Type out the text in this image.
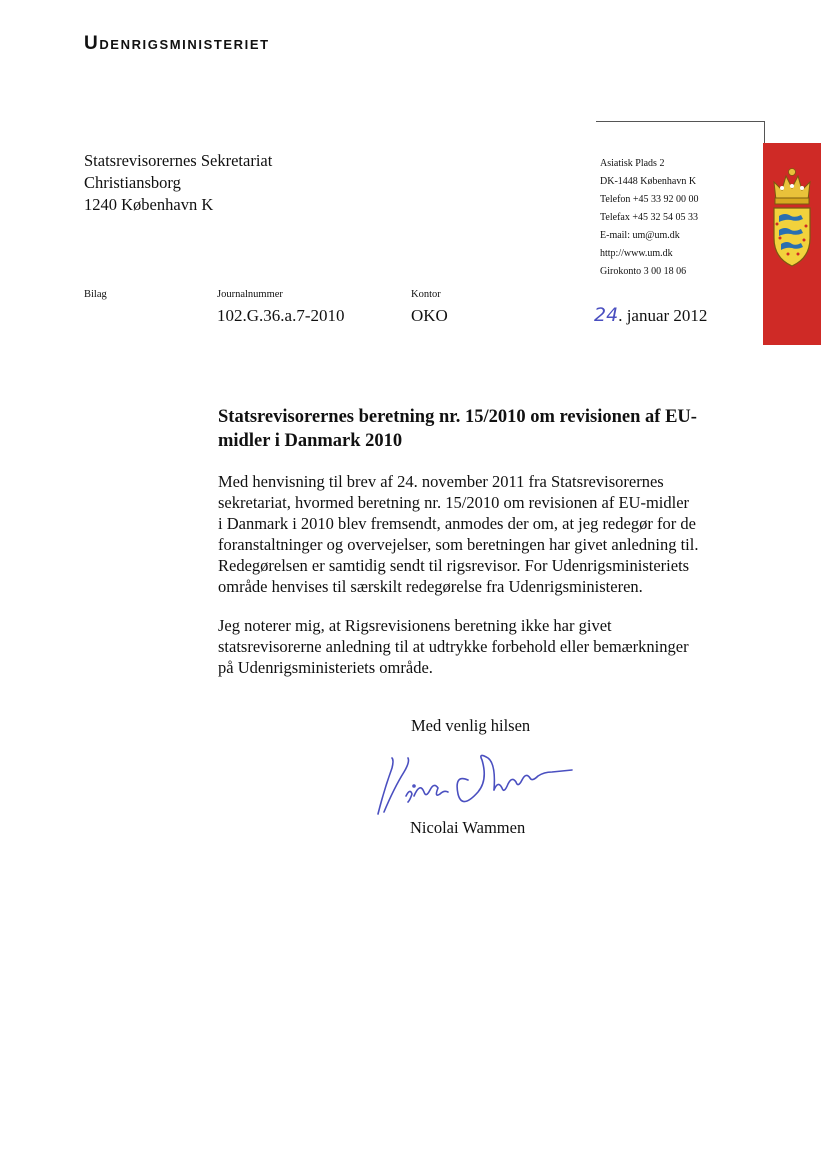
Udenrigsministeriet
Statsrevisorernes Sekretariat
Christiansborg
1240 København K
Asiatisk Plads 2
DK-1448 København K
Telefon +45 33 92 00 00
Telefax +45 32 54 05 33
E-mail: um@um.dk
http://www.um.dk
Girokonto 3 00 18 06
Bilag	Journalnummer
102.G.36.a.7-2010
Kontor
OKO	24. januar 2012
Statsrevisorernes beretning nr. 15/2010 om revisionen af EU-midler i Danmark 2010
Med henvisning til brev af 24. november 2011 fra Statsrevisorernes
sekretariat, hvormed beretning nr. 15/2010 om revisionen af EU-midler
i Danmark i 2010 blev fremsendt, anmodes der om, at jeg redegør for de
foranstaltninger og overvejelser, som beretningen har givet anledning til.
Redegørelsen er samtidig sendt til rigsrevisor. For Udenrigsministeriets
område henvises til særskilt redegørelse fra Udenrigsministeren.
Jeg noterer mig, at Rigsrevisionens beretning ikke har givet
statsrevisorerne anledning til at udtrykke forbehold eller bemærkninger
på Udenrigsministeriets område.
Med venlig hilsen
Nicolai Wammen
